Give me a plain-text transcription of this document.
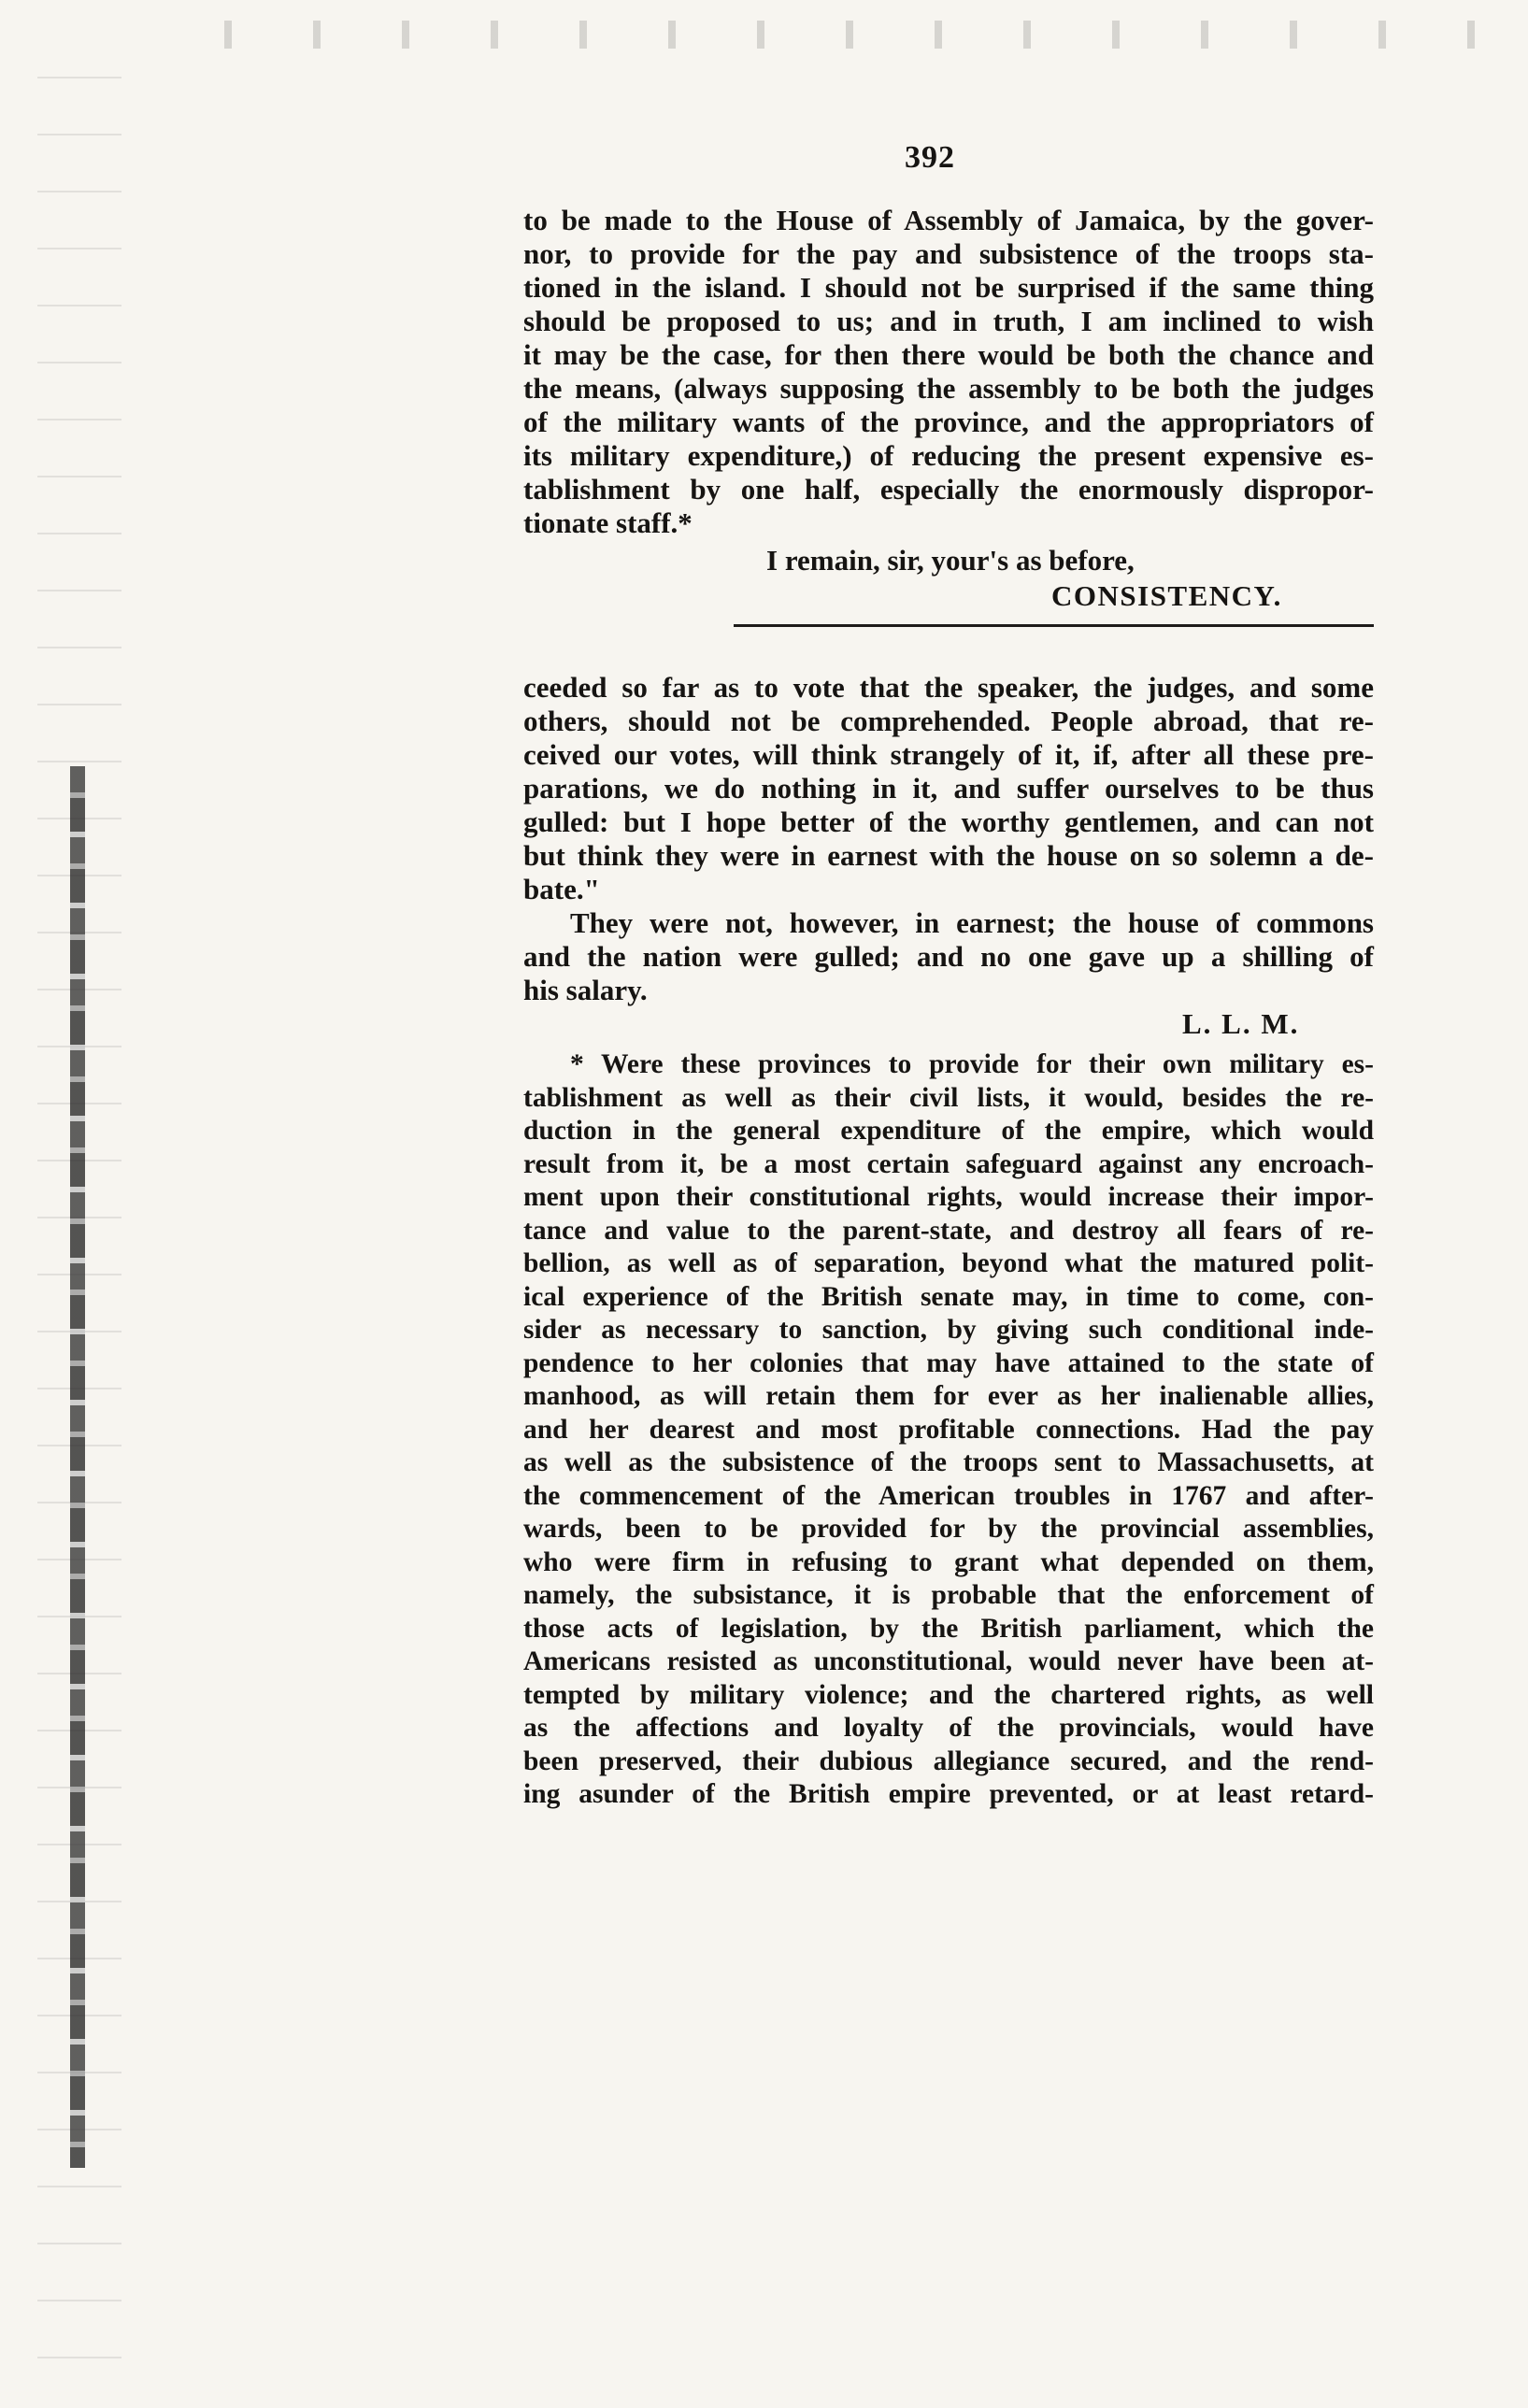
392
to be made to the House of Assembly of Jamaica, by the gover-
nor, to provide for the pay and subsistence of the troops sta-
tioned in the island. I should not be surprised if the same thing
should be proposed to us; and in truth, I am inclined to wish
it may be the case, for then there would be both the chance and
the means, (always supposing the assembly to be both the judges
of the military wants of the province, and the appropriators of
its military expenditure,) of reducing the present expensive es-
tablishment by one half, especially the enormously dispropor-
tionate staff.*
I remain, sir, your's as before,
CONSISTENCY.
ceeded so far as to vote that the speaker, the judges, and some
others, should not be comprehended. People abroad, that re-
ceived our votes, will think strangely of it, if, after all these pre-
parations, we do nothing in it, and suffer ourselves to be thus
gulled: but I hope better of the worthy gentlemen, and can not
but think they were in earnest with the house on so solemn a de-
bate."
They were not, however, in earnest; the house of commons
and the nation were gulled; and no one gave up a shilling of
his salary.
L. L. M.
* Were these provinces to provide for their own military es-
tablishment as well as their civil lists, it would, besides the re-
duction in the general expenditure of the empire, which would
result from it, be a most certain safeguard against any encroach-
ment upon their constitutional rights, would increase their impor-
tance and value to the parent-state, and destroy all fears of re-
bellion, as well as of separation, beyond what the matured polit-
ical experience of the British senate may, in time to come, con-
sider as necessary to sanction, by giving such conditional inde-
pendence to her colonies that may have attained to the state of
manhood, as will retain them for ever as her inalienable allies,
and her dearest and most profitable connections. Had the pay
as well as the subsistence of the troops sent to Massachusetts, at
the commencement of the American troubles in 1767 and after-
wards, been to be provided for by the provincial assemblies,
who were firm in refusing to grant what depended on them,
namely, the subsistance, it is probable that the enforcement of
those acts of legislation, by the British parliament, which the
Americans resisted as unconstitutional, would never have been at-
tempted by military violence; and the chartered rights, as well
as the affections and loyalty of the provincials, would have
been preserved, their dubious allegiance secured, and the rend-
ing asunder of the British empire prevented, or at least retard-
